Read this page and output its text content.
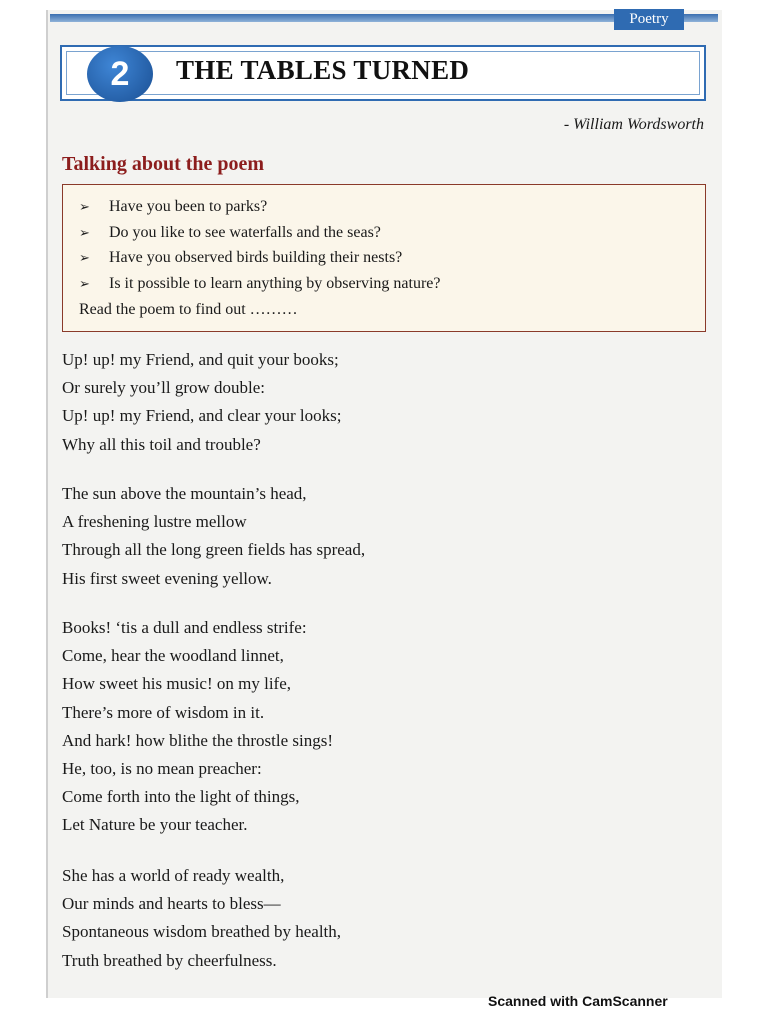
Poetry
2	THE TABLES TURNED
- William Wordsworth
Talking about the poem
➢	Have you been to parks?
➢	Do you like to see waterfalls and the seas?
➢	Have you observed birds building their nests?
➢	Is it possible to learn anything by observing nature?
Read the poem to find out ………
Up! up! my Friend, and quit your books;
Or surely you’ll grow double:
Up! up! my Friend, and clear your looks;
Why all this toil and trouble?
The sun above the mountain’s head,
A freshening lustre mellow
Through all the long green fields has spread,
His first sweet evening yellow.
Books! ‘tis a dull and endless strife:
Come, hear the woodland linnet,
How sweet his music! on my life,
There’s more of wisdom in it.
And hark! how blithe the throstle sings!
He, too, is no mean preacher:
Come forth into the light of things,
Let Nature be your teacher.
She has a world of ready wealth,
Our minds and hearts to bless—
Spontaneous wisdom breathed by health,
Truth breathed by cheerfulness.
Scanned with CamScanner
